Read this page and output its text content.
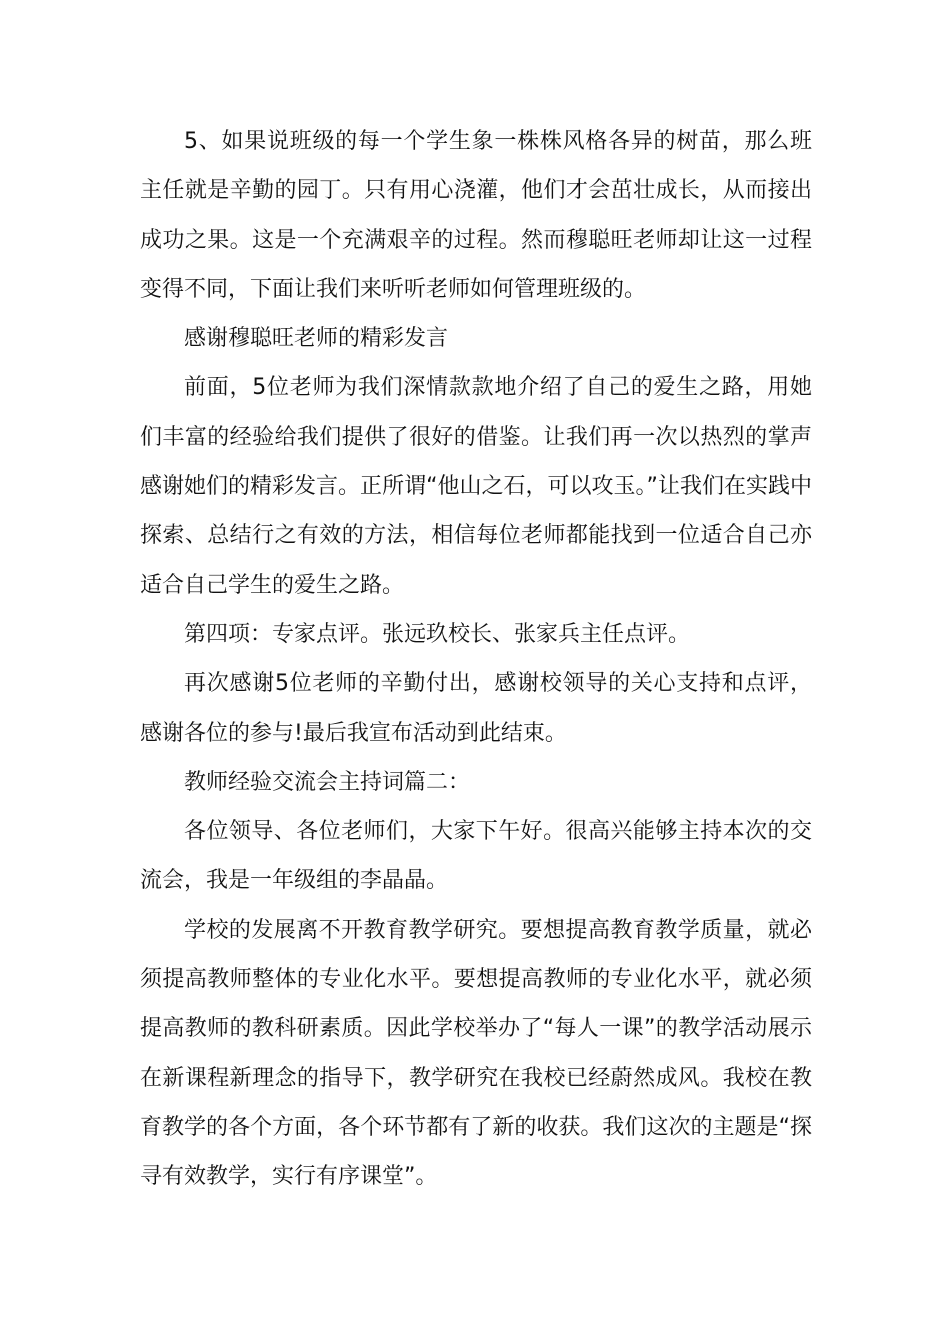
5、如果说班级的每一个学生象一株株风格各异的树苗，那么班主任就是辛勤的园丁。只有用心浇灌，他们才会茁壮成长，从而接出成功之果。这是一个充满艰辛的过程。然而穆聪旺老师却让这一过程变得不同，下面让我们来听听老师如何管理班级的。

感谢穆聪旺老师的精彩发言

前面，5位老师为我们深情款款地介绍了自己的爱生之路，用她们丰富的经验给我们提供了很好的借鉴。让我们再一次以热烈的掌声感谢她们的精彩发言。正所谓“他山之石，可以攻玉。”让我们在实践中探索、总结行之有效的方法，相信每位老师都能找到一位适合自己亦适合自己学生的爱生之路。

第四项：专家点评。张远玖校长、张家兵主任点评。

再次感谢5位老师的辛勤付出，感谢校领导的关心支持和点评，感谢各位的参与!最后我宣布活动到此结束。

教师经验交流会主持词篇二：

各位领导、各位老师们，大家下午好。很高兴能够主持本次的交流会，我是一年级组的李晶晶。

学校的发展离不开教育教学研究。要想提高教育教学质量，就必须提高教师整体的专业化水平。要想提高教师的专业化水平，就必须提高教师的教科研素质。因此学校举办了“每人一课”的教学活动展示在新课程新理念的指导下，教学研究在我校已经蔚然成风。我校在教育教学的各个方面，各个环节都有了新的收获。我们这次的主题是“探寻有效教学，实行有序课堂”。
